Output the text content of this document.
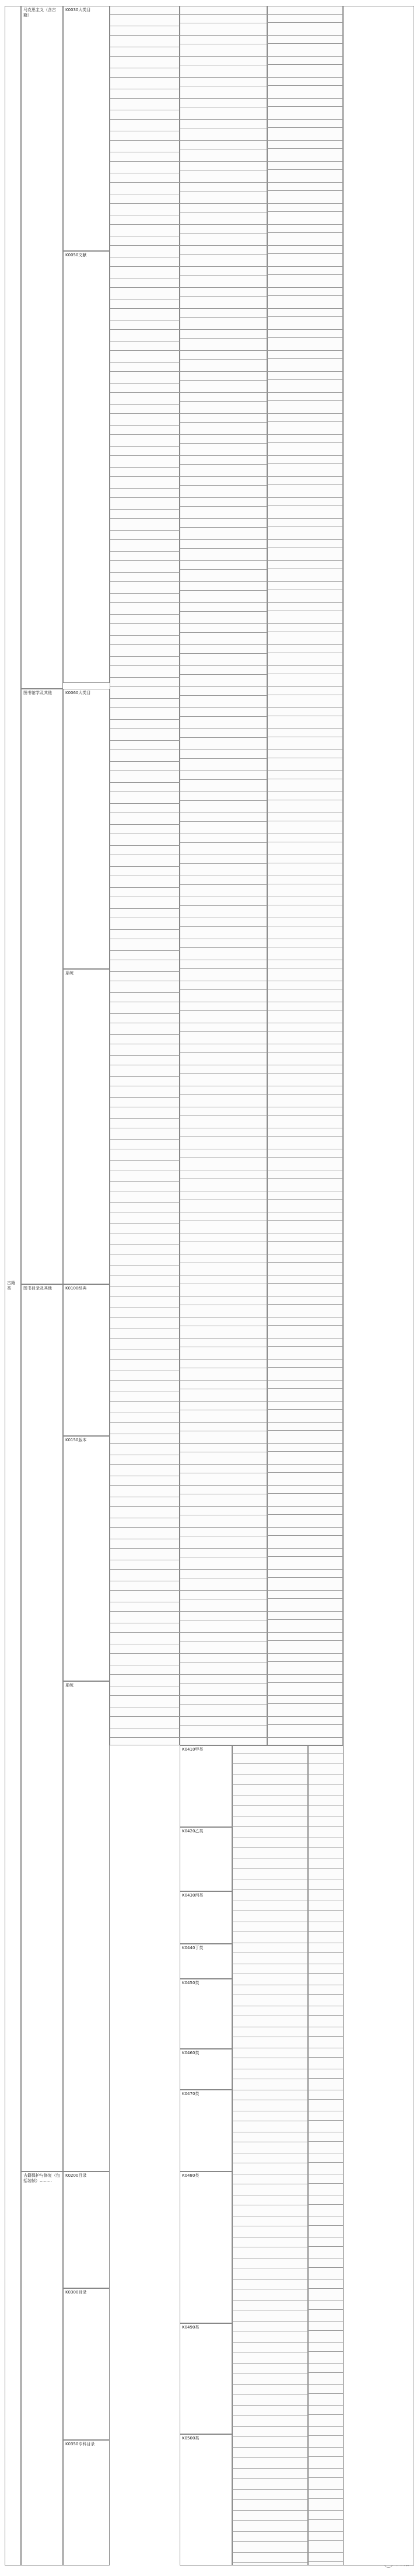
古籍类
马克思主义（含古籍）
图书馆学及其他
图书目录及其他
古籍保护与修复（包括装帧）………
K0030大类目
K0050文献
K0060大类目
系统
K0100经典
K0150版本
系统
K0200目录
K0300目录
K0350专科目录
K0410甲类
K0420乙类
K0430丙类
K0440丁类
K0450类
K0460类
K0470类
K0480类
K0490类
K0500类
